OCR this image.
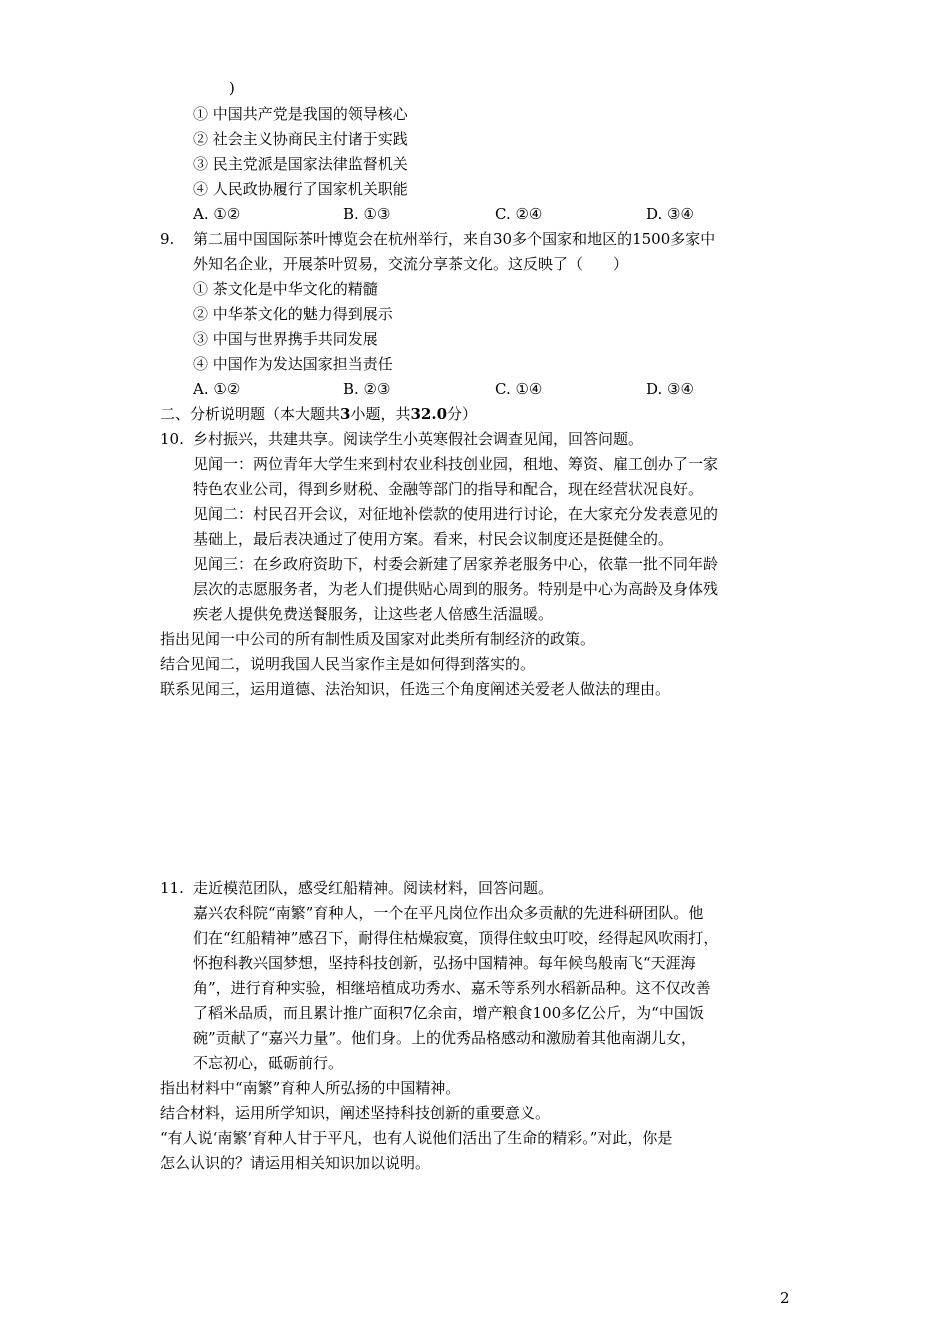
)
① 中国共产党是我国的领导核心
② 社会主义协商民主付诸于实践
③ 民主党派是国家法律监督机关
④ 人民政协履行了国家机关职能
A. ①②	B. ①③	C. ②④	D. ③④
9. 第二届中国国际茶叶博览会在杭州举行，来自30多个国家和地区的1500多家中
外知名企业，开展茶叶贸易，交流分享茶文化。这反映了（　　）
① 茶文化是中华文化的精髓
② 中华茶文化的魅力得到展示
③ 中国与世界携手共同发展
④ 中国作为发达国家担当责任
A. ①②	B. ②③	C. ①④	D. ③④
二、分析说明题（本大题共3小题，共32.0分）
10. 乡村振兴，共建共享。阅读学生小英寒假社会调查见闻，回答问题。
见闻一：两位青年大学生来到村农业科技创业园，租地、筹资、雇工创办了一家
特色农业公司，得到乡财税、金融等部门的指导和配合，现在经营状况良好。
见闻二：村民召开会议，对征地补偿款的使用进行讨论，在大家充分发表意见的
基础上，最后表决通过了使用方案。看来，村民会议制度还是挺健全的。
见闻三：在乡政府资助下，村委会新建了居家养老服务中心，依靠一批不同年龄
层次的志愿服务者，为老人们提供贴心周到的服务。特别是中心为高龄及身体残
疾老人提供免费送餐服务，让这些老人倍感生活温暖。
指出见闻一中公司的所有制性质及国家对此类所有制经济的政策。
结合见闻二，说明我国人民当家作主是如何得到落实的。
联系见闻三，运用道德、法治知识，任选三个角度阐述关爱老人做法的理由。
11. 走近模范团队，感受红船精神。阅读材料，回答问题。
嘉兴农科院“南繁”育种人，一个在平凡岗位作出众多贡献的先进科研团队。他
们在“红船精神”感召下，耐得住枯燥寂寞，顶得住蚊虫叮咬，经得起风吹雨打，
怀抱科教兴国梦想，坚持科技创新，弘扬中国精神。每年候鸟般南飞“天涯海
角”，进行育种实验，相继培植成功秀水、嘉禾等系列水稻新品种。这不仅改善
了稻米品质，而且累计推广面积7亿余亩，增产粮食100多亿公斤，为“中国饭
碗”贡献了“嘉兴力量”。他们身。上的优秀品格感动和激励着其他南湖儿女，
不忘初心，砥砺前行。
指出材料中“南繁”育种人所弘扬的中国精神。
结合材料，运用所学知识，阐述坚持科技创新的重要意义。
“有人说‘南繁’育种人甘于平凡，也有人说他们活出了生命的精彩。”对此，你是
怎么认识的？请运用相关知识加以说明。
2
